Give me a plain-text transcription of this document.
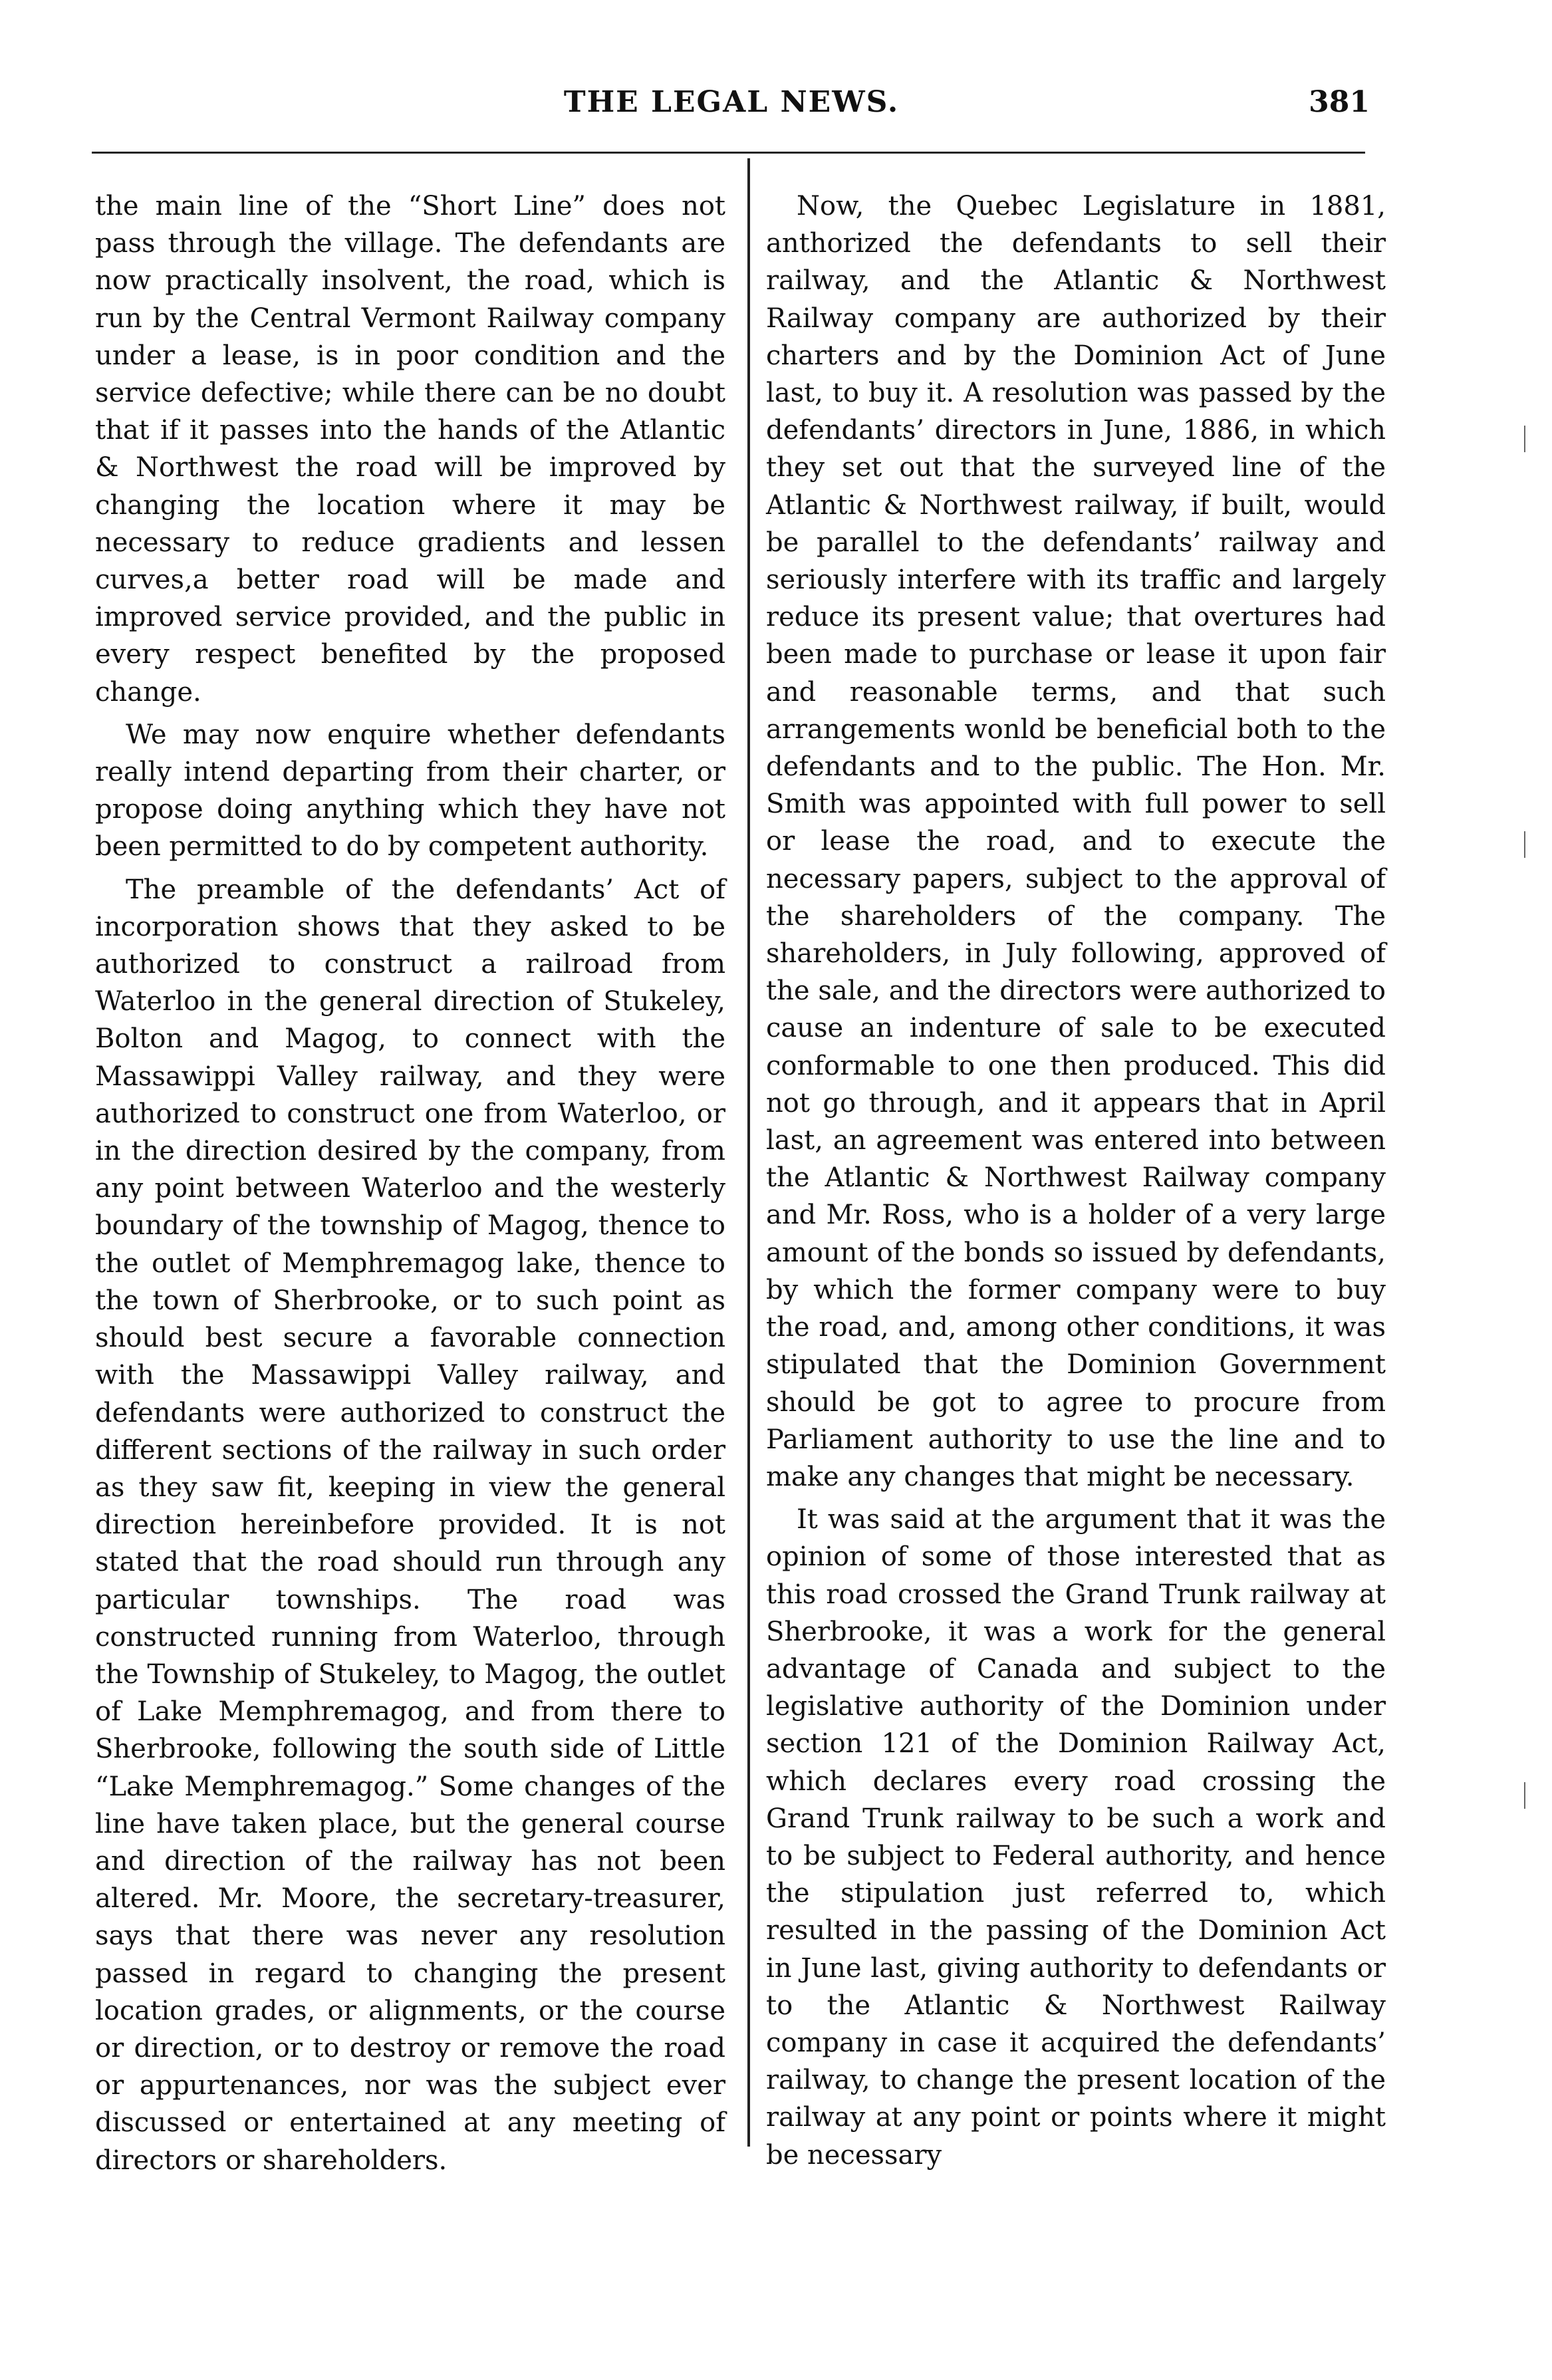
THE LEGAL NEWS.	381

the main line of the “Short Line” does not pass through the village. The defendants are now practically insolvent, the road, which is run by the Central Vermont Railway company under a lease, is in poor condition and the service defective; while there can be no doubt that if it passes into the hands of the Atlantic & Northwest the road will be improved by changing the location where it may be necessary to reduce gradients and lessen curves,a better road will be made and improved service provided, and the public in every respect benefited by the proposed change.

We may now enquire whether defendants really intend departing from their charter, or propose doing anything which they have not been permitted to do by competent authority.

The preamble of the defendants’ Act of incorporation shows that they asked to be authorized to construct a railroad from Waterloo in the general direction of Stukeley, Bolton and Magog, to connect with the Massawippi Valley railway, and they were authorized to construct one from Waterloo, or in the direction desired by the company, from any point between Waterloo and the westerly boundary of the township of Magog, thence to the outlet of Memphremagog lake, thence to the town of Sherbrooke, or to such point as should best secure a favorable connection with the Massawippi Valley railway, and defendants were authorized to construct the different sections of the railway in such order as they saw fit, keeping in view the general direction hereinbefore provided. It is not stated that the road should run through any particular townships. The road was constructed running from Waterloo, through the Township of Stukeley, to Magog, the outlet of Lake Memphremagog, and from there to Sherbrooke, following the south side of Little “Lake Memphremagog.” Some changes of the line have taken place, but the general course and direction of the railway has not been altered. Mr. Moore, the secretary-treasurer, says that there was never any resolution passed in regard to changing the present location grades, or alignments, or the course or direction, or to destroy or remove the road or appurtenances, nor was the subject ever discussed or entertained at any meeting of directors or shareholders.

Now, the Quebec Legislature in 1881, anthorized the defendants to sell their railway, and the Atlantic & Northwest Railway company are authorized by their charters and by the Dominion Act of June last, to buy it. A resolution was passed by the defendants’ directors in June, 1886, in which they set out that the surveyed line of the Atlantic & Northwest railway, if built, would be parallel to the defendants’ railway and seriously interfere with its traffic and largely reduce its present value; that overtures had been made to purchase or lease it upon fair and reasonable terms, and that such arrangements wonld be beneficial both to the defendants and to the public. The Hon. Mr. Smith was appointed with full power to sell or lease the road, and to execute the necessary papers, subject to the approval of the shareholders of the company. The shareholders, in July following, approved of the sale, and the directors were authorized to cause an indenture of sale to be executed conformable to one then produced. This did not go through, and it appears that in April last, an agreement was entered into between the Atlantic & Northwest Railway company and Mr. Ross, who is a holder of a very large amount of the bonds so issued by defendants, by which the former company were to buy the road, and, among other conditions, it was stipulated that the Dominion Government should be got to agree to procure from Parliament authority to use the line and to make any changes that might be necessary.

It was said at the argument that it was the opinion of some of those interested that as this road crossed the Grand Trunk railway at Sherbrooke, it was a work for the general advantage of Canada and subject to the legislative authority of the Dominion under section 121 of the Dominion Railway Act, which declares every road crossing the Grand Trunk railway to be such a work and to be subject to Federal authority, and hence the stipulation just referred to, which resulted in the passing of the Dominion Act in June last, giving authority to defendants or to the Atlantic & Northwest Railway company in case it acquired the defendants’ railway, to change the present location of the railway at any point or points where it might be necessary
